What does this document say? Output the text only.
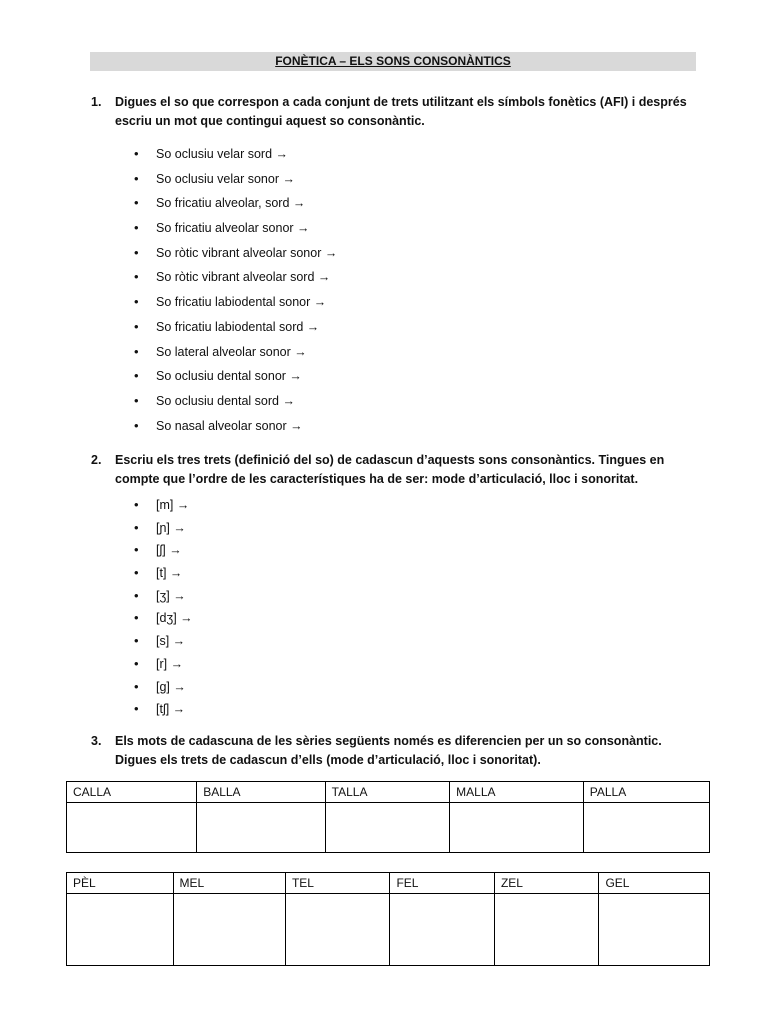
FONÈTICA – ELS SONS CONSONÀNTICS
1. Digues el so que correspon a cada conjunt de trets utilitzant els símbols fonètics (AFI) i després escriu un mot que contingui aquest so consonàntic.
• So oclusiu velar sord →
• So oclusiu velar sonor →
• So fricatiu alveolar, sord →
• So fricatiu alveolar sonor →
• So ròtic vibrant alveolar sonor →
• So ròtic vibrant alveolar sord →
• So fricatiu labiodental sonor →
• So fricatiu labiodental sord →
• So lateral alveolar sonor →
• So oclusiu dental sonor →
• So oclusiu dental sord →
• So nasal alveolar sonor →
2. Escriu els tres trets (definició del so) de cadascun d’aquests sons consonàntics. Tingues en compte que l’ordre de les característiques ha de ser: mode d’articulació, lloc i sonoritat.
• [m] →
• [ɲ] →
• [ʃ] →
• [t] →
• [ʒ] →
• [dʒ] →
• [s] →
• [r] →
• [g] →
• [tʃ] →
3. Els mots de cadascuna de les sèries següents només es diferencien per un so consonàntic. Digues els trets de cadascun d’ells (mode d’articulació, lloc i sonoritat).
CALLA	BALLA	TALLA	MALLA	PALLA

PÈL	MEL	TEL	FEL	ZEL	GEL
